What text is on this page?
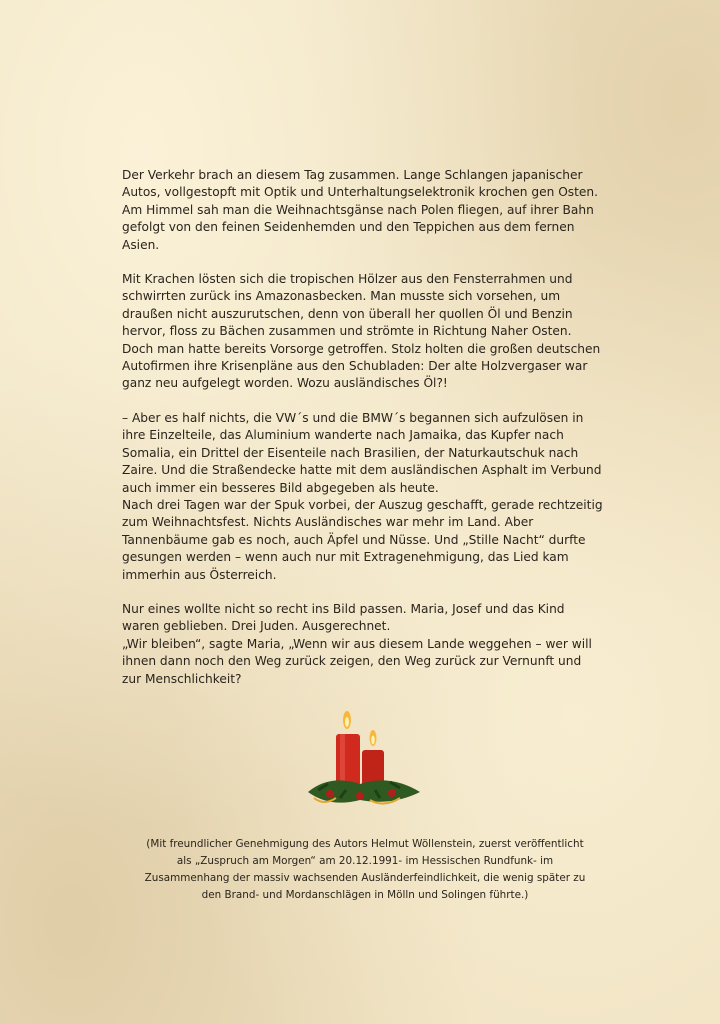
Der Verkehr brach an diesem Tag zusammen. Lange Schlangen japanischer
Autos, vollgestopft mit Optik und Unterhaltungselektronik krochen gen Osten.
Am Himmel sah man die Weihnachtsgänse nach Polen fliegen, auf ihrer Bahn
gefolgt von den feinen Seidenhemden und den Teppichen aus dem fernen
Asien.

Mit Krachen lösten sich die tropischen Hölzer aus den Fensterrahmen und
schwirrten zurück ins Amazonasbecken. Man musste sich vorsehen, um
draußen nicht auszurutschen, denn von überall her quollen Öl und Benzin
hervor, floss zu Bächen zusammen und strömte in Richtung Naher Osten.
Doch man hatte bereits Vorsorge getroffen. Stolz holten die großen deutschen
Autofirmen ihre Krisenpläne aus den Schubladen: Der alte Holzvergaser war
ganz neu aufgelegt worden. Wozu ausländisches Öl?!

– Aber es half nichts, die VW´s und die BMW´s begannen sich aufzulösen in
ihre Einzelteile, das Aluminium wanderte nach Jamaika, das Kupfer nach
Somalia, ein Drittel der Eisenteile nach Brasilien, der Naturkautschuk nach
Zaire. Und die Straßendecke hatte mit dem ausländischen Asphalt im Verbund
auch immer ein besseres Bild abgegeben als heute.
Nach drei Tagen war der Spuk vorbei, der Auszug geschafft, gerade rechtzeitig
zum Weihnachtsfest. Nichts Ausländisches war mehr im Land. Aber
Tannenbäume gab es noch, auch Äpfel und Nüsse. Und „Stille Nacht“ durfte
gesungen werden – wenn auch nur mit Extragenehmigung, das Lied kam
immerhin aus Österreich.

Nur eines wollte nicht so recht ins Bild passen. Maria, Josef und das Kind
waren geblieben. Drei Juden. Ausgerechnet.
„Wir bleiben“, sagte Maria, „Wenn wir aus diesem Lande weggehen – wer will
ihnen dann noch den Weg zurück zeigen, den Weg zurück zur Vernunft und
zur Menschlichkeit?

(Mit freundlicher Genehmigung des Autors Helmut Wöllenstein, zuerst veröffentlicht
als „Zuspruch am Morgen“ am 20.12.1991- im Hessischen Rundfunk- im
Zusammenhang der massiv wachsenden Ausländerfeindlichkeit, die wenig später zu
den Brand- und Mordanschlägen in Mölln und Solingen führte.)
